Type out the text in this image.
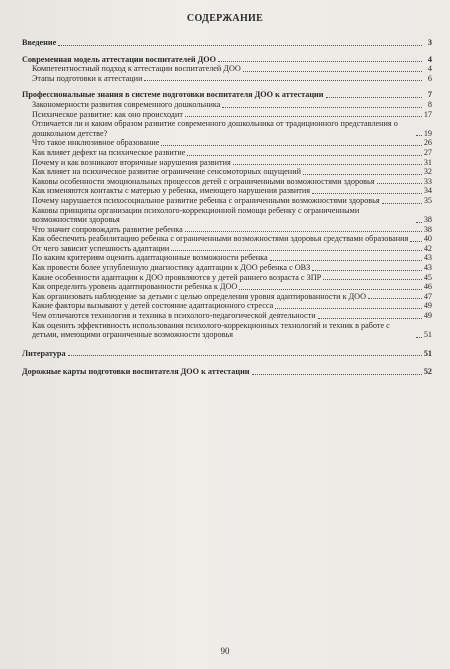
СОДЕРЖАНИЕ
Введение	3
Современная модель аттестации воспитателей ДОО	4
Компетентностный подход к аттестации воспитателей ДОО	4
Этапы подготовки к аттестации	6
Профессиональные знания в системе подготовки воспитателя ДОО к аттестации	7
Закономерности развития современного дошкольника	8
Психическое развитие: как оно происходит	17
Отличается ли и каким образом развитие современного дошкольника от традиционного представления о дошкольном детстве?	19
Что такое инклюзивное образование	26
Как влияет дефект на психическое развитие	27
Почему и как возникают вторичные нарушения развития	31
Как влияет на психическое развитие ограничение сенсомоторных ощущений	32
Каковы особенности эмоциональных процессов детей с ограниченными возможностями здоровья	33
Как изменяются контакты с матерью у ребенка, имеющего нарушения развития	34
Почему нарушается психосоциальное развитие ребенка с ограниченными возможностями здоровья	35
Каковы принципы организации психолого-коррекционной помощи ребенку с ограниченными возможностями здоровья	38
Что значит сопровождать развитие ребенка	38
Как обеспечить реабилитацию ребенка с ограниченными возможностями здоровья средствами образования 40
От чего зависит успешность адаптации	42
По каким критериям оценить адаптационные возможности ребенка	43
Как провести более углубленную диагностику адаптации к ДОО ребенка с ОВЗ	43
Какие особенности адаптации к ДОО проявляются у детей раннего возраста с ЗПР	45
Как определить уровень адаптированности ребенка к ДОО	46
Как организовать наблюдение за детьми с целью определения уровня адаптированности к ДОО	47
Какие факторы вызывают у детей состояние адаптационного стресса	49
Чем отличаются технология и техника в психолого-педагогической деятельности	49
Как оценить эффективность использования психолого-коррекционных технологий и техник в работе с детьми, имеющими ограниченные возможности здоровья	51
Литература	51
Дорожные карты подготовки воспитателя ДОО к аттестации	52
90
